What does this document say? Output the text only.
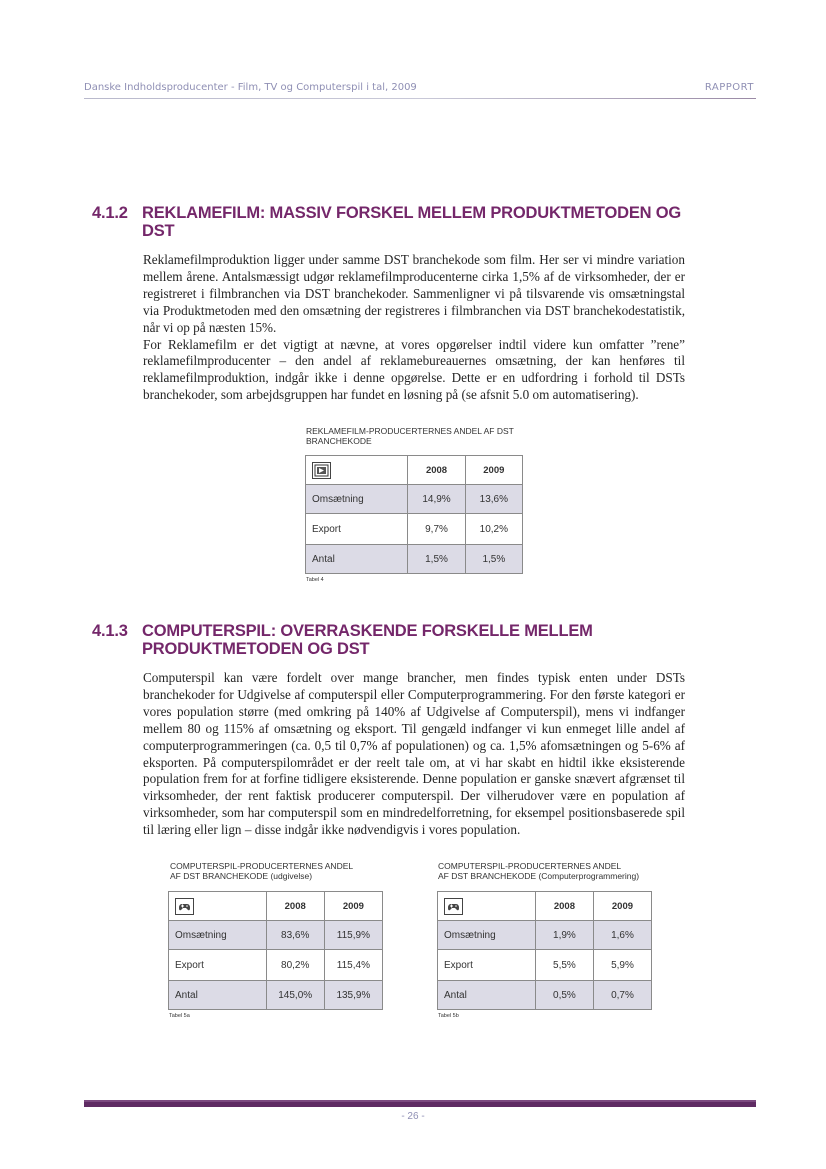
Danske Indholdsproducenter - Film, TV og Computerspil i tal, 2009	RAPPORT
4.1.2 REKLAMEFILM: MASSIV FORSKEL MELLEM PRODUKTMETODEN OG DST

Reklamefilmproduktion ligger under samme DST branchekode som film. Her ser vi mindre variation mellem årene. Antalsmæssigt udgør reklamefilmproducenterne cirka 1,5% af de virksomheder, der er registreret i filmbranchen via DST branchekoder. Sammenligner vi på tilsvarende vis omsætningstal via Produktmetoden med den omsætning der registreres i filmbranchen via DST branchekodestatistik, når vi op på næsten 15%.

For Reklamefilm er det vigtigt at nævne, at vores opgørelser indtil videre kun omfatter ”rene” reklamefilmproducenter – den andel af reklamebureauernes omsætning, der kan henføres til reklamefilmproduktion, indgår ikke i denne opgørelse. Dette er en udfordring i forhold til DSTs branchekoder, som arbejdsgruppen har fundet en løsning på (se afsnit 5.0 om automatisering).

REKLAMEFILM-PRODUCERTERNES ANDEL AF DST BRANCHEKODE
	2008	2009
Omsætning	14,9%	13,6%
Export	9,7%	10,2%
Antal	1,5%	1,5%
Tabel 4
4.1.3 COMPUTERSPIL: OVERRASKENDE FORSKELLE MELLEM PRODUKTMETODEN OG DST

Computerspil kan være fordelt over mange brancher, men findes typisk enten under DSTs branchekoder for Udgivelse af computerspil eller Computerprogrammering. For den første kategori er vores population større (med omkring på 140% af Udgivelse af Computerspil), mens vi indfanger mellem 80 og 115% af omsætning og eksport. Til gengæld indfanger vi kun enmeget lille andel af computerprogrammeringen (ca. 0,5 til 0,7% af populationen) og ca. 1,5% afomsætningen og 5-6% af eksporten. På computerspilområdet er der reelt tale om, at vi har skabt en hidtil ikke eksisterende population frem for at forfine tidligere eksisterende. Denne population er ganske snævert afgrænset til virksomheder, der rent faktisk producerer computerspil. Der vilherudover være en population af virksomheder, som har computerspil som en mindredelforretning, for eksempel positionsbaserede spil til læring eller lign – disse indgår ikke nødvendigvis i vores population.

COMPUTERSPIL-PRODUCERTERNES ANDEL
AF DST BRANCHEKODE (udgivelse)
	2008	2009
Omsætning	83,6%	115,9%
Export	80,2%	115,4%
Antal	145,0%	135,9%
Tabel 5a
COMPUTERSPIL-PRODUCERTERNES ANDEL
AF DST BRANCHEKODE (Computerprogrammering)
	2008	2009
Omsætning	1,9%	1,6%
Export	5,5%	5,9%
Antal	0,5%	0,7%
Tabel 5b
- 26 -
